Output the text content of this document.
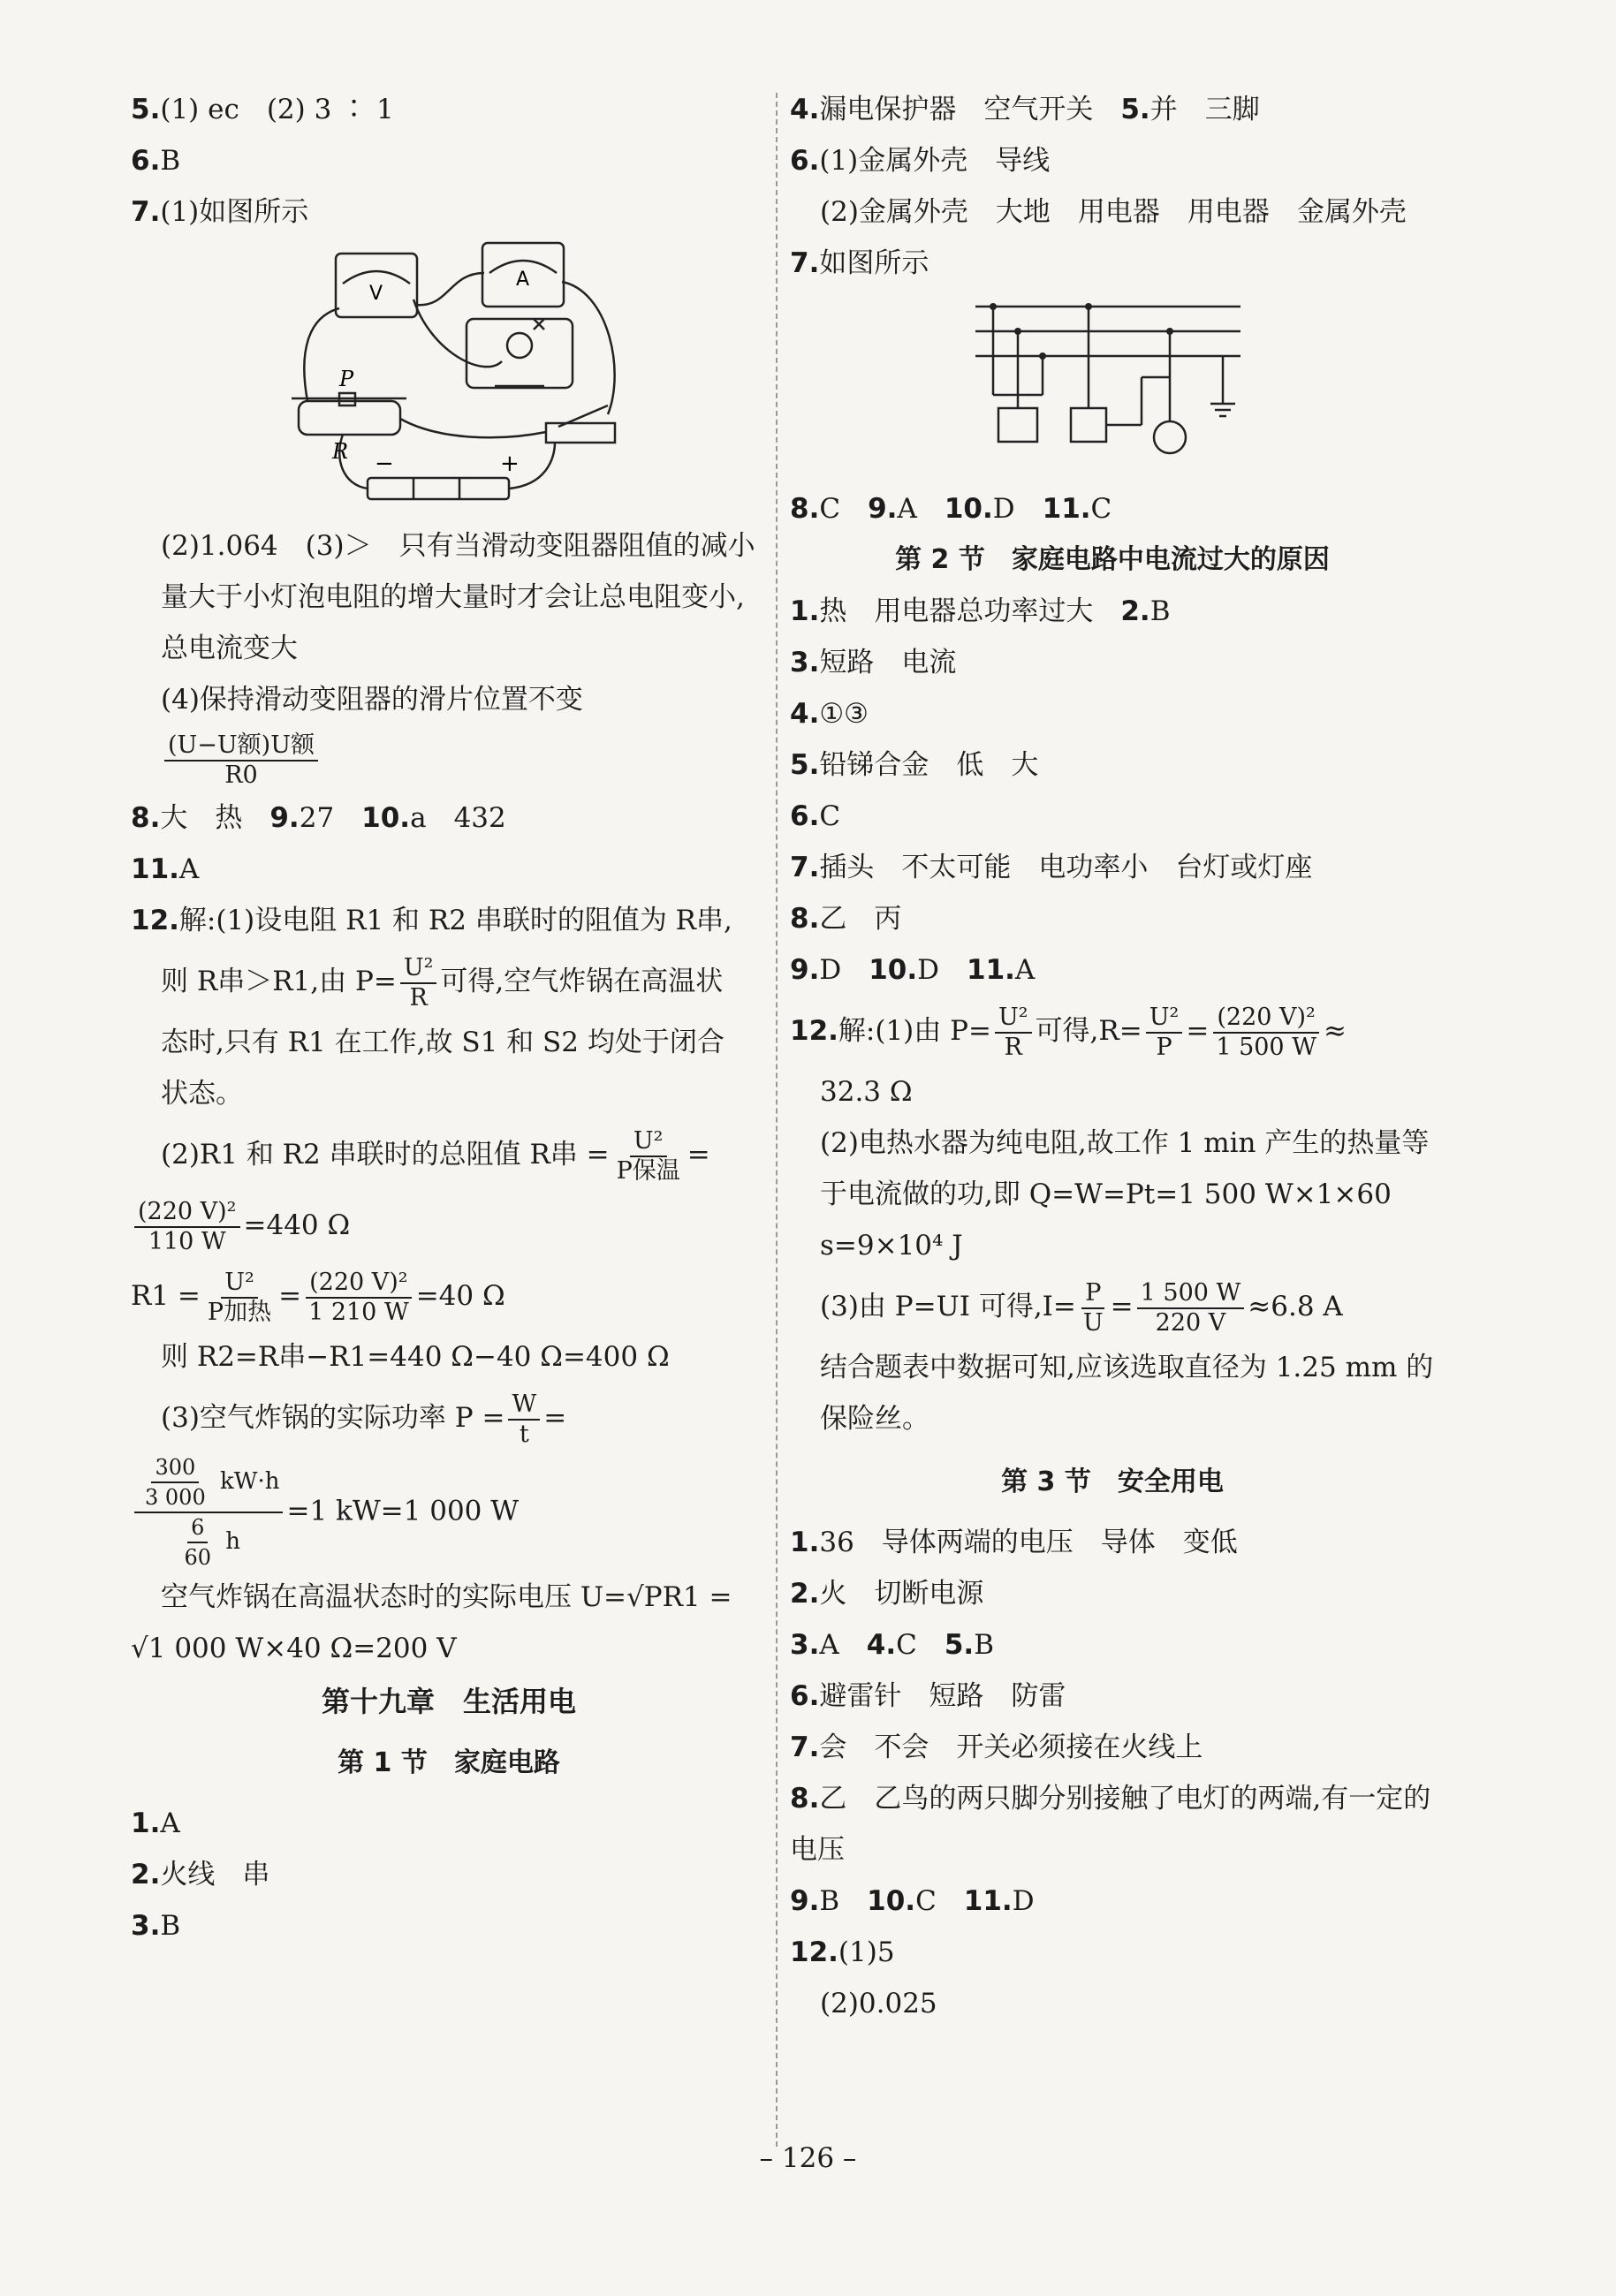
5.(1) ec　(2) 3 ∶ 1
6.B
7.(1)如图所示
V
A
P
R −	+
(2)1.064　(3)＞　只有当滑动变阻器阻值的减小量大于小灯泡电阻的增大量时才会让总电阻变小,总电流变大
(4)保持滑动变阻器的滑片位置不变
$\frac{\text{(U−U额)U额}}{R0}$
8.大　热　9.27　10.a　432
11.A
12.解:(1)设电阻 R1 和 R2 串联时的阻值为 R串,
则 R串＞R1,由 $P= \frac{\text{U²}}{R}$ 可得,空气炸锅在高温状
态时,只有 R1 在工作,故 S1 和 S2 均处于闭合
状态。
(2)R1 和 R2 串联时的总阻值 R串 = $\frac{\text{U²}}{\text{P保温}}$ =
$\frac{\text{(220 V)²}}{110 W} =440$ Ω
$R1 = \frac{\text{U²}}{\text{P加热}} = \frac{\text{(220 V)²}}{1 210 W} =40$ Ω
则 R2=R串−R1=440 Ω−40 Ω=400 Ω
(3)空气炸锅的实际功率 $P = \frac{W}{t}$ =
$\frac{\frac{300}{3 000} kW\cdot h}{\frac{6}{60} h} =1$ kW=1 000 W
空气炸锅在高温状态时的实际电压 U=√PR1 =
√1 000 W×40 Ω=200 V
第十九章　生活用电
第 1 节　家庭电路
1.A
2.火线　串
3.B
4.漏电保护器　空气开关　5.并　三脚
6.(1)金属外壳　导线
(2)金属外壳　大地　用电器　用电器　金属外壳
7.如图所示
8.C　9.A　10.D　11.C
第 2 节　家庭电路中电流过大的原因
1.热　用电器总功率过大　2.B
3.短路　电流
4.①③
5.铅锑合金　低　大
6.C
7.插头　不太可能　电功率小　台灯或灯座
8.乙　丙
9.D　10.D　11.A
12.解:(1)由 $P= \frac{\text{U²}}{R}$ 可得$,R= \frac{\text{U²}}{P} = \frac{\text{(220 V)²}}{1 500 W}$ ≈
32.3 Ω
(2)电热水器为纯电阻,故工作 1 min 产生的热量等于电流做的功,即 Q=W=Pt=1 500 W×1×60 s=9×10⁴ J
(3)由 P=UI 可得$,I= \frac{P}{U} = \frac{1 500 W}{220 V} \approx 6.8$ A
结合题表中数据可知,应该选取直径为 1.25 mm 的保险丝。
第 3 节　安全用电
1.36　导体两端的电压　导体　变低
2.火　切断电源
3.A　4.C　5.B
6.避雷针　短路　防雷
7.会　不会　开关必须接在火线上
8.乙　乙鸟的两只脚分别接触了电灯的两端,有一定的电压
9.B　10.C　11.D
12.(1)5
(2)0.025
– 126 –
